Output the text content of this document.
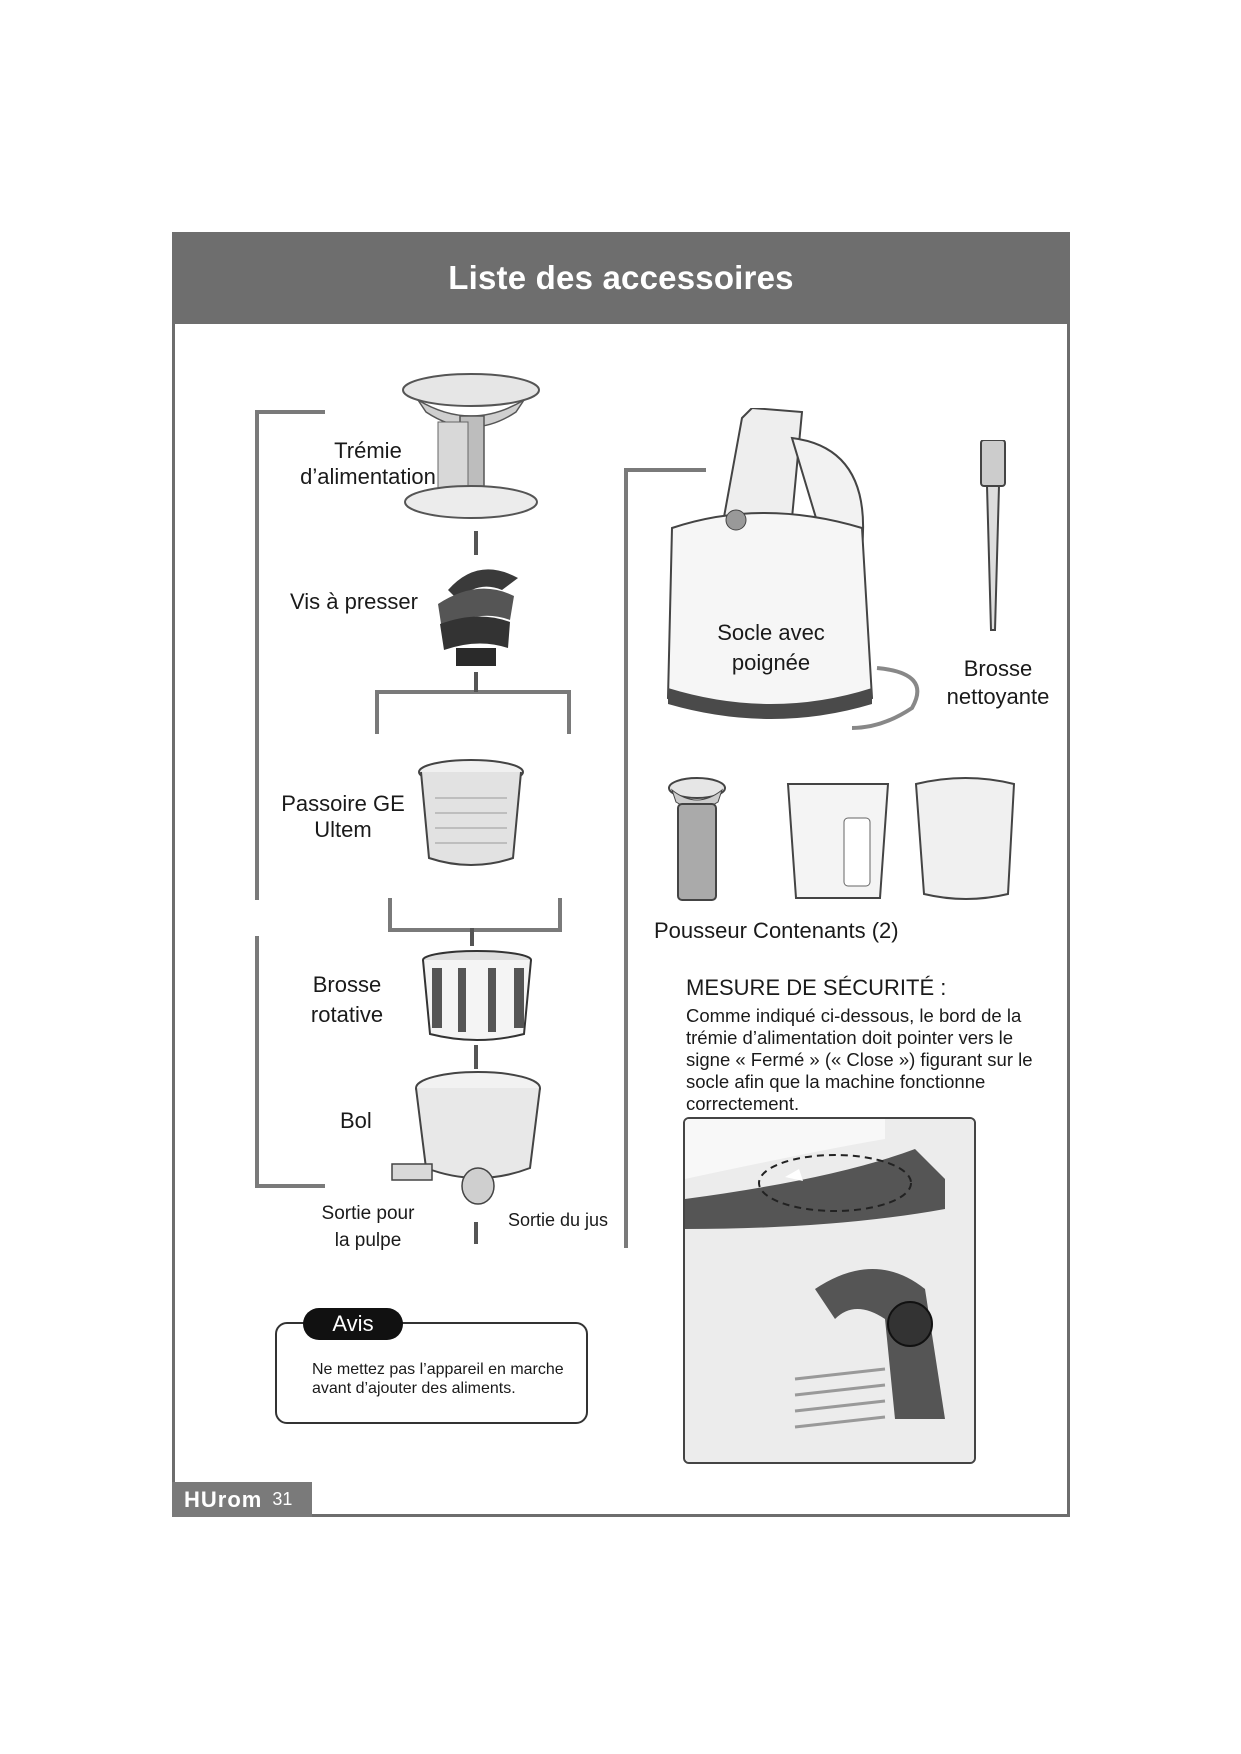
Liste des accessoires
Trémie
d’alimentation
Vis à presser
Passoire GE
Ultem
Brosse
rotative
Bol
Sortie pour
la pulpe
Sortie du jus
Socle avec
poignée	Brosse
nettoyante
Pousseur Contenants (2)
Avis
Ne mettez pas l’appareil en marche
avant d’ajouter des aliments.
MESURE DE SÉCURITÉ :
Comme indiqué ci-dessous, le bord de la
trémie d’alimentation doit pointer vers le
signe « Fermé » (« Close ») figurant sur le
socle afin que la machine fonctionne
correctement.
HUrom 31
